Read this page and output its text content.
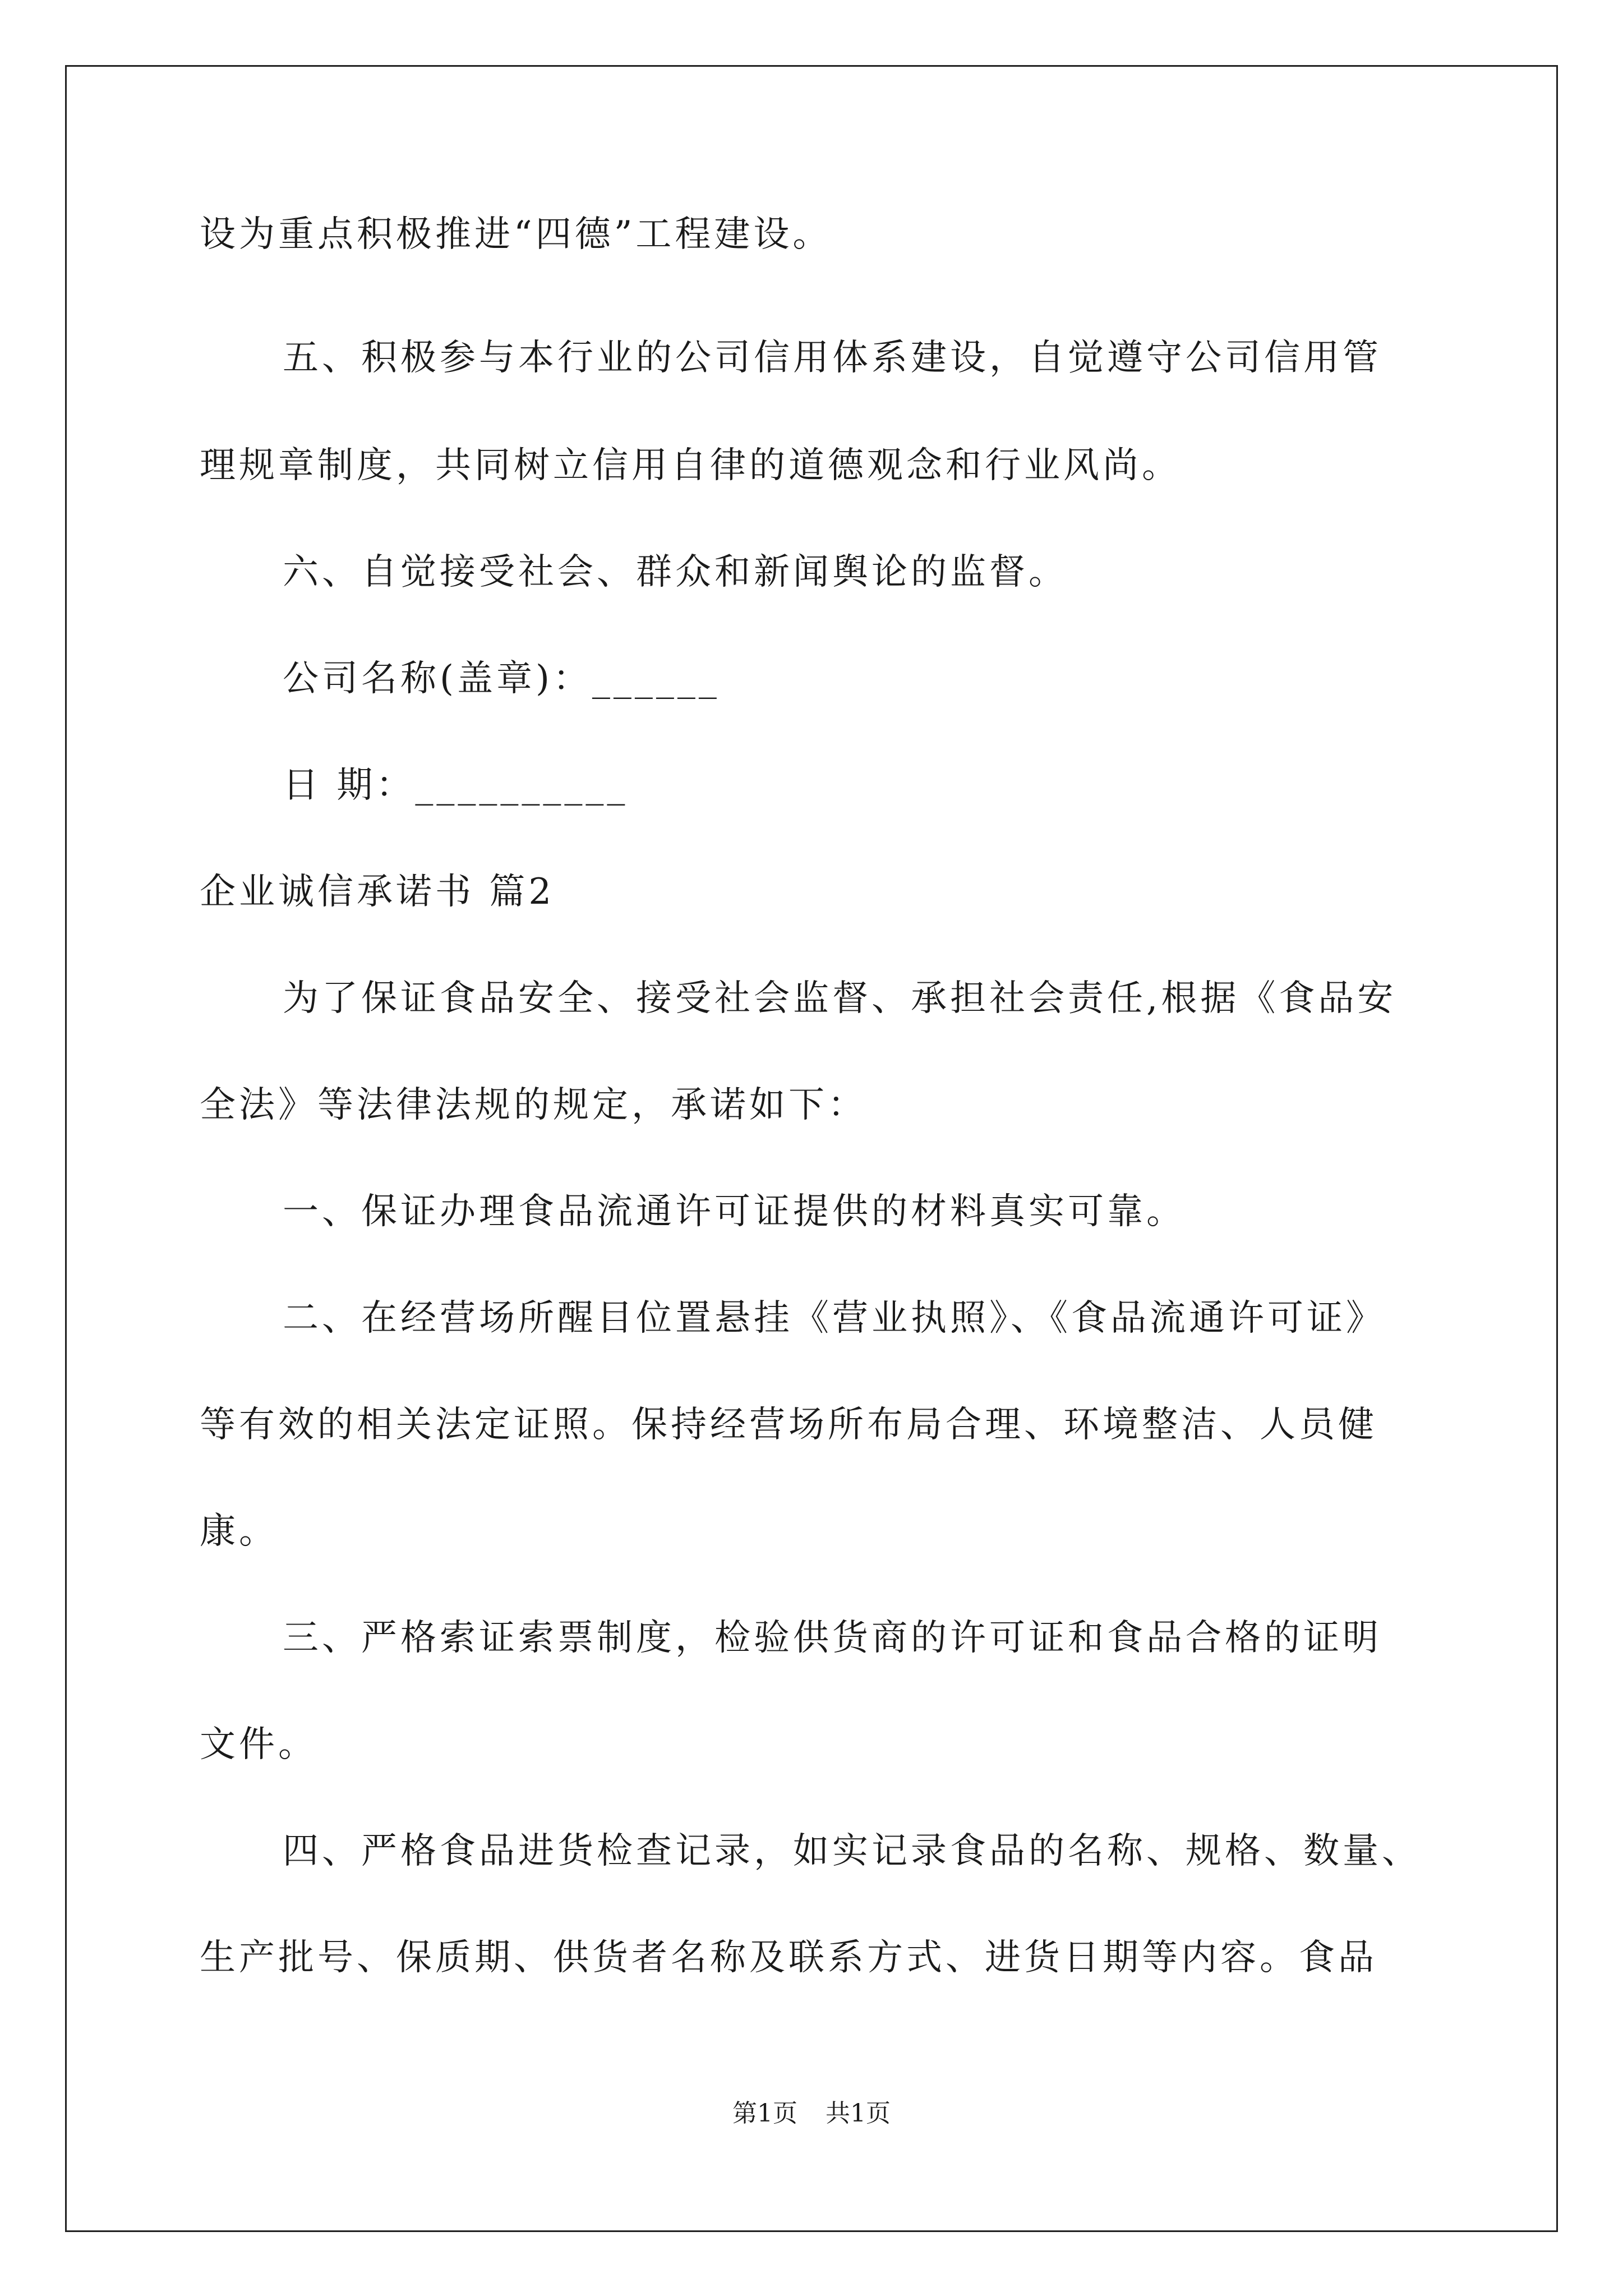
设为重点积极推进“四德”工程建设。
五、积极参与本行业的公司信用体系建设，自觉遵守公司信用管
理规章制度，共同树立信用自律的道德观念和行业风尚。
六、自觉接受社会、群众和新闻舆论的监督。
公司名称(盖章)：______
日 期：__________
企业诚信承诺书 篇2
为了保证食品安全、接受社会监督、承担社会责任,根据《食品安
全法》等法律法规的规定，承诺如下：
一、保证办理食品流通许可证提供的材料真实可靠。
二、在经营场所醒目位置悬挂《营业执照》、《食品流通许可证》
等有效的相关法定证照。保持经营场所布局合理、环境整洁、人员健
康。
三、严格索证索票制度，检验供货商的许可证和食品合格的证明
文件。
四、严格食品进货检查记录，如实记录食品的名称、规格、数量、
生产批号、保质期、供货者名称及联系方式、进货日期等内容。食品
第1页 共1页
